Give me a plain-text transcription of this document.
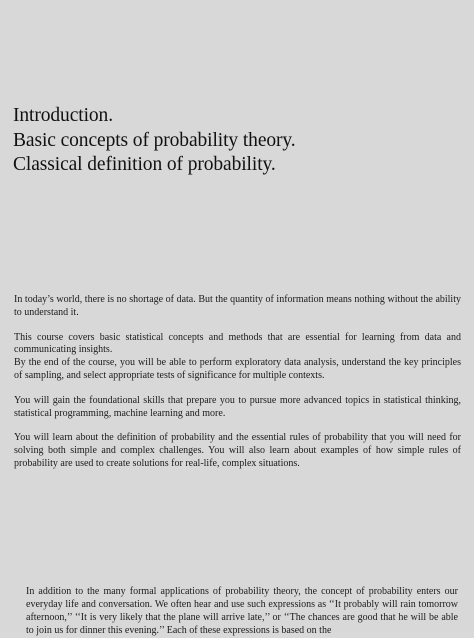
Introduction.
Basic concepts of probability theory.
Classical definition of probability.

In today’s world, there is no shortage of data. But the quantity of information means nothing without the ability to understand it.

This course covers basic statistical concepts and methods that are essential for learning from data and communicating insights.

By the end of the course, you will be able to perform exploratory data analysis, understand the key principles of sampling, and select appropriate tests of significance for multiple contexts.

You will gain the foundational skills that prepare you to pursue more advanced topics in statistical thinking, statistical programming, machine learning and more.

You will learn about the definition of probability and the essential rules of probability that you will need for solving both simple and complex challenges. You will also learn about examples of how simple rules of probability are used to create solutions for real-life, complex situations.

In addition to the many formal applications of probability theory, the concept of probability enters our everyday life and conversation. We often hear and use such expressions as ‘‘It probably will rain tomorrow afternoon,’’ ‘‘It is very likely that the plane will arrive late,’’ or ‘‘The chances are good that he will be able to join us for dinner this evening.’’ Each of these expressions is based on the
